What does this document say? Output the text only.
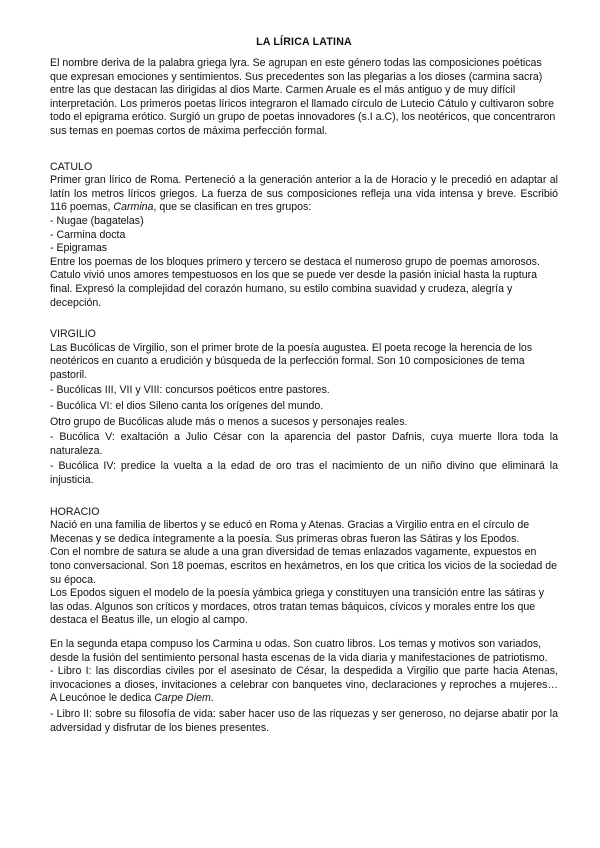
LA LÍRICA LATINA

El nombre deriva de la palabra griega lyra. Se agrupan en este género todas las composiciones poéticas que expresan emociones y sentimientos. Sus precedentes son las plegarias a los dioses (carmina sacra) entre las que destacan las dirigidas al dios Marte. Carmen Aruale es el más antiguo y de muy difícil interpretación. Los primeros poetas líricos integraron el llamado círculo de Lutecio Cátulo y cultivaron sobre todo el epigrama erótico. Surgió un grupo de poetas innovadores (s.I a.C), los neotéricos, que concentraron sus temas en poemas cortos de máxima perfección formal.

CATULO

Primer gran lírico de Roma. Perteneció a la generación anterior a la de Horacio y le precedió en adaptar al latín los metros líricos griegos. La fuerza de sus composiciones refleja una vida intensa y breve. Escribió 116 poemas, Carmina, que se clasifican en tres grupos:

- Nugae (bagatelas)

- Carmina docta

- Epigramas

Entre los poemas de los bloques primero y tercero se destaca el numeroso grupo de poemas amorosos. Catulo vivió unos amores tempestuosos en los que se puede ver desde la pasión inicial hasta la ruptura final. Expresó la complejidad del corazón humano, su estilo combina suavidad y crudeza, alegría y decepción.

VIRGILIO

Las Bucólicas de Virgilio, son el primer brote de la poesía augustea. El poeta recoge la herencia de los neotéricos en cuanto a erudición y búsqueda de la perfección formal. Son 10 composiciones de tema pastoril.

- Bucólicas III, VII y VIII: concursos poéticos entre pastores.

- Bucólica VI: el dios Sileno canta los orígenes del mundo.

Otro grupo de Bucólicas alude más o menos a sucesos y personajes reales.

- Bucólica V: exaltación a Julio César con la aparencia del pastor Dafnis, cuya muerte llora toda la naturaleza.

- Bucólica IV: predice la vuelta a la edad de oro tras el nacimiento de un niño divino que eliminará la injusticia.

HORACIO

Nació en una familia de libertos y se educó en Roma y Atenas. Gracias a Virgilio entra en el círculo de Mecenas y se dedica íntegramente a la poesía. Sus primeras obras fueron las Sátiras y los Epodos.

Con el nombre de satura se alude a una gran diversidad de temas enlazados vagamente, expuestos en tono conversacional. Son 18 poemas, escritos en hexámetros, en los que critica los vicios de la sociedad de su época.

Los Epodos siguen el modelo de la poesía yámbica griega y constituyen una transición entre las sátiras y las odas. Algunos son críticos y mordaces, otros tratan temas báquicos, cívicos y morales entre los que destaca el Beatus ille, un elogio al campo.

En la segunda etapa compuso los Carmina u odas. Son cuatro libros. Los temas y motivos son variados, desde la fusión del sentimiento personal hasta escenas de la vida diaria y manifestaciones de patriotismo.

- Libro I: las discordias civiles por el asesinato de César, la despedida a Virgilio que parte hacia Atenas, invocaciones a dioses, invitaciones a celebrar con banquetes vino, declaraciones y reproches a mujeres… A Leucónoe le dedica Carpe Diem.

- Libro II: sobre su filosofía de vida: saber hacer uso de las riquezas y ser generoso, no dejarse abatir por la adversidad y disfrutar de los bienes presentes.
